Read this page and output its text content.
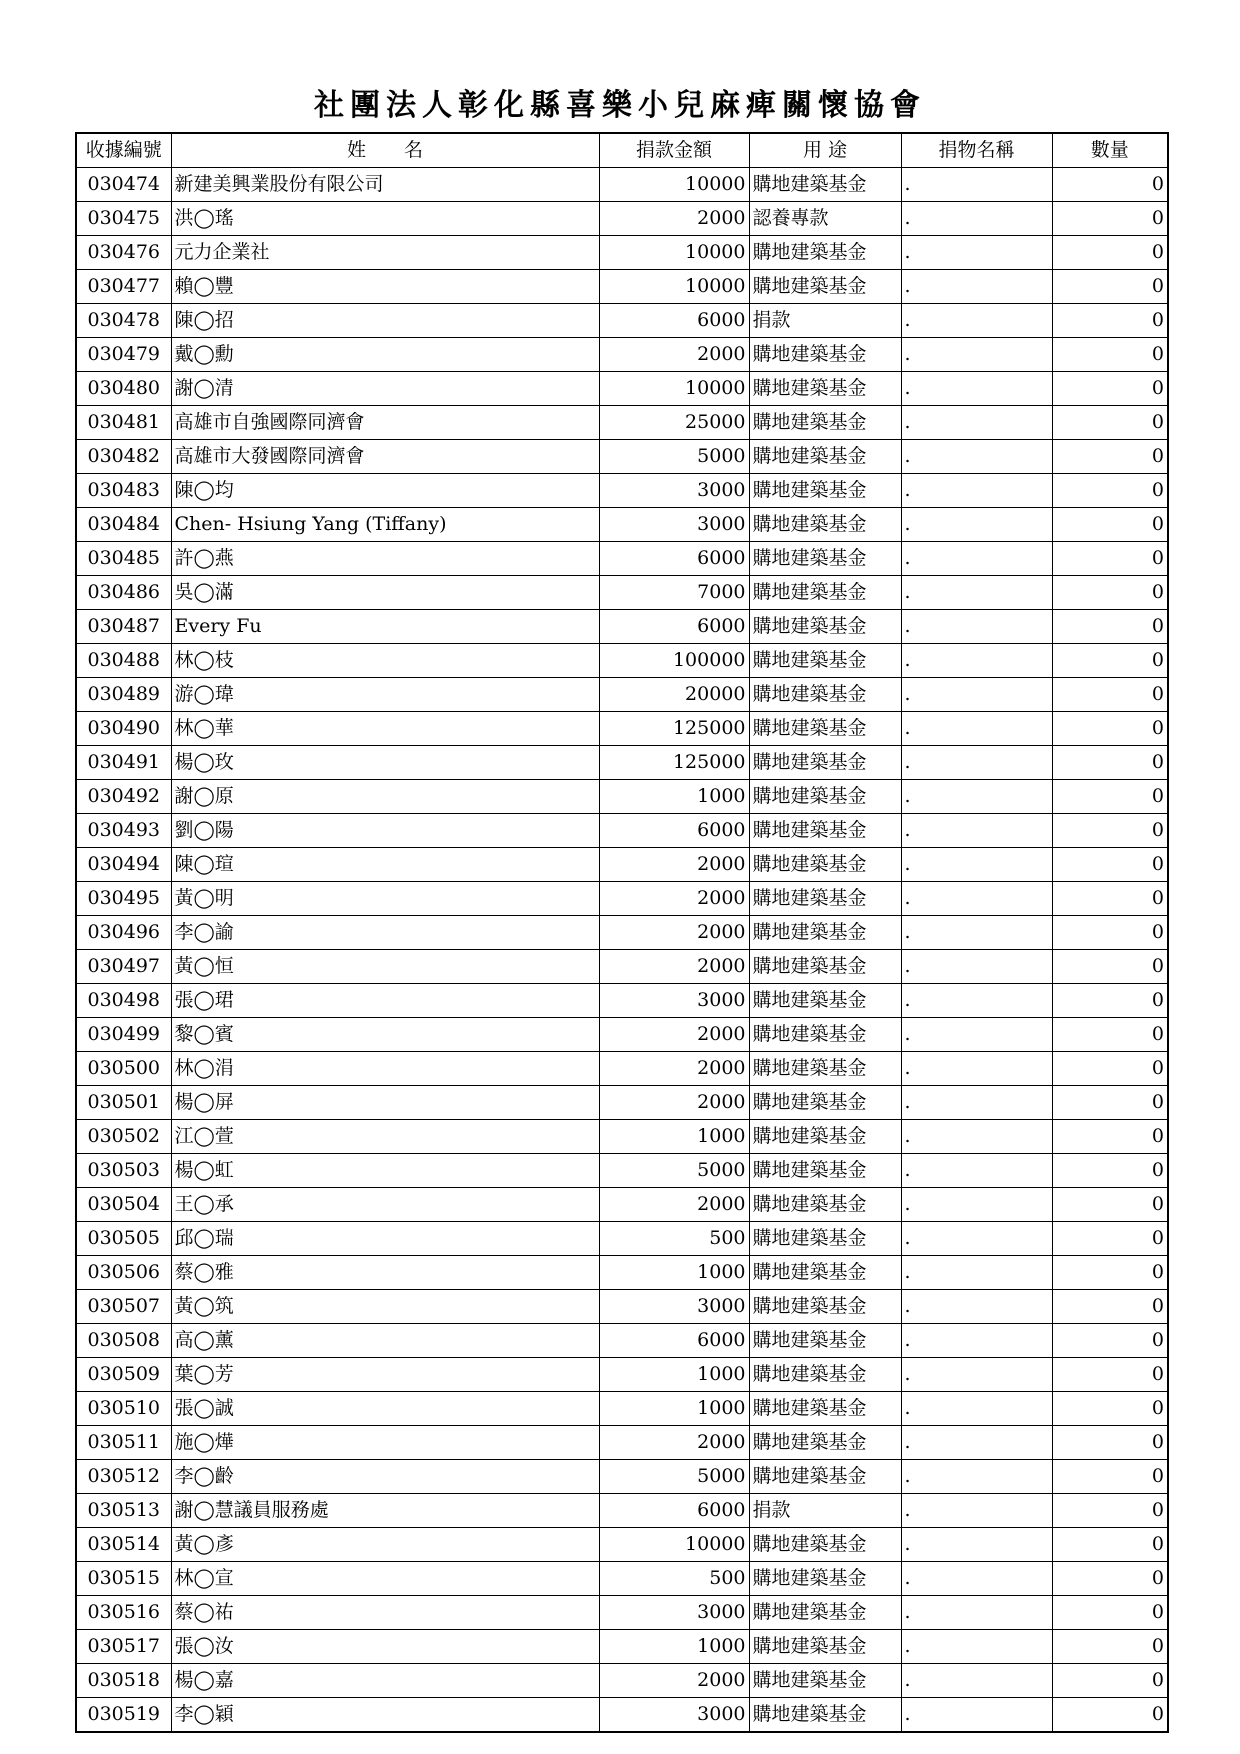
社團法人彰化縣喜樂小兒麻痺關懷協會
收據編號	姓　　名	捐款金額	用 途	捐物名稱	數量
030474	新建美興業股份有限公司	10000	購地建築基金	.	0
030475	洪◯瑤	2000	認養專款	.	0
030476	元力企業社	10000	購地建築基金	.	0
030477	賴◯豐	10000	購地建築基金	.	0
030478	陳◯招	6000	捐款	.	0
030479	戴◯勳	2000	購地建築基金	.	0
030480	謝◯清	10000	購地建築基金	.	0
030481	高雄市自強國際同濟會	25000	購地建築基金	.	0
030482	高雄市大發國際同濟會	5000	購地建築基金	.	0
030483	陳◯均	3000	購地建築基金	.	0
030484	Chen- Hsiung Yang (Tiffany)	3000	購地建築基金	.	0
030485	許◯燕	6000	購地建築基金	.	0
030486	吳◯滿	7000	購地建築基金	.	0
030487	Every Fu	6000	購地建築基金	.	0
030488	林◯枝	100000	購地建築基金	.	0
030489	游◯瑋	20000	購地建築基金	.	0
030490	林◯華	125000	購地建築基金	.	0
030491	楊◯玫	125000	購地建築基金	.	0
030492	謝◯原	1000	購地建築基金	.	0
030493	劉◯陽	6000	購地建築基金	.	0
030494	陳◯瑄	2000	購地建築基金	.	0
030495	黃◯明	2000	購地建築基金	.	0
030496	李◯諭	2000	購地建築基金	.	0
030497	黃◯恒	2000	購地建築基金	.	0
030498	張◯珺	3000	購地建築基金	.	0
030499	黎◯賓	2000	購地建築基金	.	0
030500	林◯涓	2000	購地建築基金	.	0
030501	楊◯屏	2000	購地建築基金	.	0
030502	江◯萱	1000	購地建築基金	.	0
030503	楊◯虹	5000	購地建築基金	.	0
030504	王◯承	2000	購地建築基金	.	0
030505	邱◯瑞	500	購地建築基金	.	0
030506	蔡◯雅	1000	購地建築基金	.	0
030507	黃◯筑	3000	購地建築基金	.	0
030508	高◯薰	6000	購地建築基金	.	0
030509	葉◯芳	1000	購地建築基金	.	0
030510	張◯誠	1000	購地建築基金	.	0
030511	施◯燁	2000	購地建築基金	.	0
030512	李◯齡	5000	購地建築基金	.	0
030513	謝◯慧議員服務處	6000	捐款	.	0
030514	黃◯彥	10000	購地建築基金	.	0
030515	林◯宣	500	購地建築基金	.	0
030516	蔡◯祐	3000	購地建築基金	.	0
030517	張◯汝	1000	購地建築基金	.	0
030518	楊◯嘉	2000	購地建築基金	.	0
030519	李◯穎	3000	購地建築基金	.	0
